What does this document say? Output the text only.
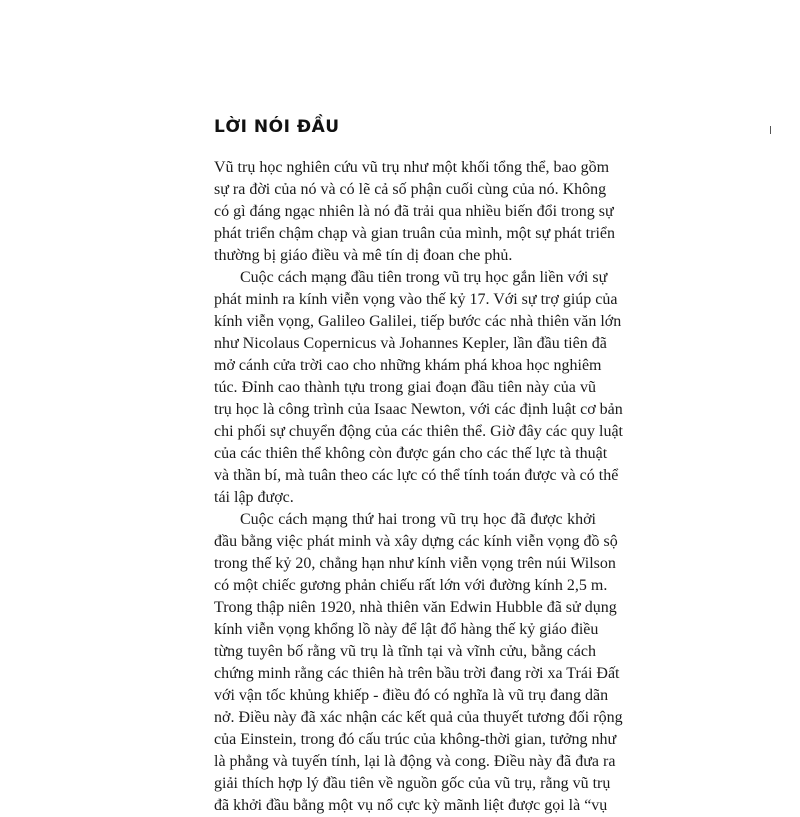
LỜI NÓI ĐẦU

Vũ trụ học nghiên cứu vũ trụ như một khối tổng thể, bao gồm
sự ra đời của nó và có lẽ cả số phận cuối cùng của nó. Không
có gì đáng ngạc nhiên là nó đã trải qua nhiều biến đổi trong sự
phát triển chậm chạp và gian truân của mình, một sự phát triển
thường bị giáo điều và mê tín dị đoan che phủ.

Cuộc cách mạng đầu tiên trong vũ trụ học gắn liền với sự
phát minh ra kính viễn vọng vào thế kỷ 17. Với sự trợ giúp của
kính viễn vọng, Galileo Galilei, tiếp bước các nhà thiên văn lớn
như Nicolaus Copernicus và Johannes Kepler, lần đầu tiên đã
mở cánh cửa trời cao cho những khám phá khoa học nghiêm
túc. Đỉnh cao thành tựu trong giai đoạn đầu tiên này của vũ
trụ học là công trình của Isaac Newton, với các định luật cơ bản
chi phối sự chuyển động của các thiên thể. Giờ đây các quy luật
của các thiên thể không còn được gán cho các thế lực tà thuật
và thần bí, mà tuân theo các lực có thể tính toán được và có thể
tái lập được.

Cuộc cách mạng thứ hai trong vũ trụ học đã được khởi
đầu bằng việc phát minh và xây dựng các kính viễn vọng đồ sộ
trong thế kỷ 20, chẳng hạn như kính viễn vọng trên núi Wilson
có một chiếc gương phản chiếu rất lớn với đường kính 2,5 m.
Trong thập niên 1920, nhà thiên văn Edwin Hubble đã sử dụng
kính viễn vọng khổng lồ này để lật đổ hàng thế kỷ giáo điều
từng tuyên bố rằng vũ trụ là tĩnh tại và vĩnh cửu, bằng cách
chứng minh rằng các thiên hà trên bầu trời đang rời xa Trái Đất
với vận tốc khủng khiếp - điều đó có nghĩa là vũ trụ đang dãn
nở. Điều này đã xác nhận các kết quả của thuyết tương đối rộng
của Einstein, trong đó cấu trúc của không-thời gian, tưởng như
là phẳng và tuyến tính, lại là động và cong. Điều này đã đưa ra
giải thích hợp lý đầu tiên về nguồn gốc của vũ trụ, rằng vũ trụ
đã khởi đầu bằng một vụ nổ cực kỳ mãnh liệt được gọi là “vụ
